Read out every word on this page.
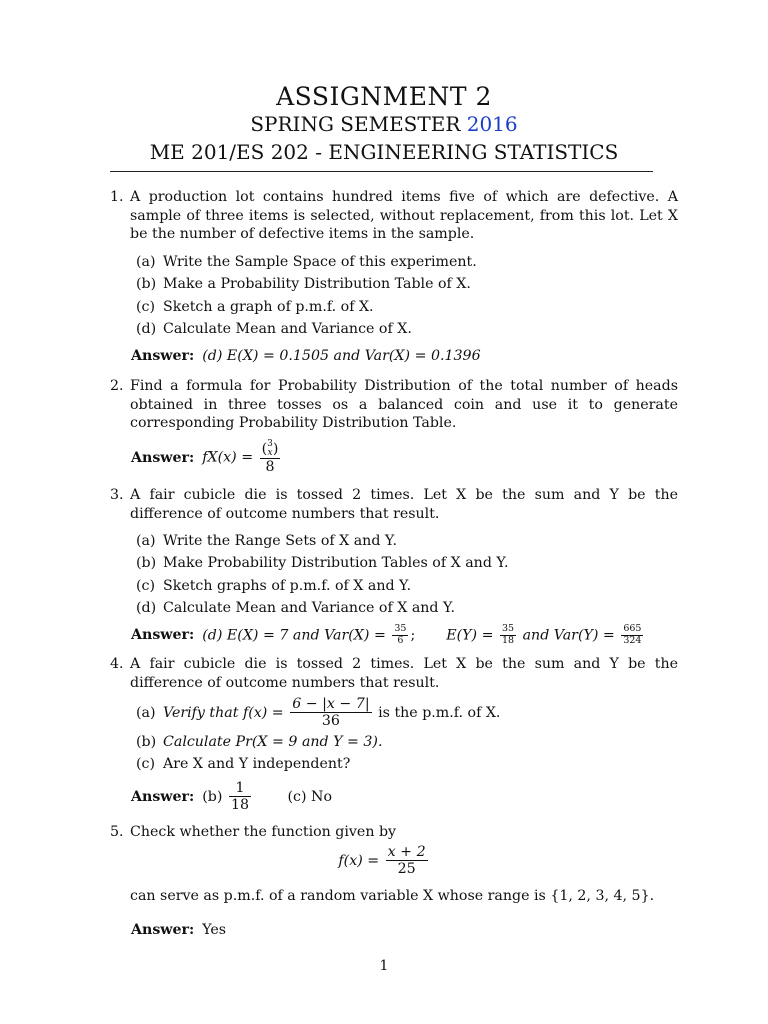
ASSIGNMENT 2
SPRING SEMESTER 2016
ME 201/ES 202 - ENGINEERING STATISTICS
1. A production lot contains hundred items five of which are defective. A sample of three items is selected, without replacement, from this lot. Let X be the number of defective items in the sample.
(a) Write the Sample Space of this experiment.
(b) Make a Probability Distribution Table of X.
(c) Sketch a graph of p.m.f. of X.
(d) Calculate Mean and Variance of X.
Answer: (d) E(X) = 0.1505 and Var(X) = 0.1396
2. Find a formula for Probability Distribution of the total number of heads obtained in three tosses os a balanced coin and use it to generate corresponding Probability Distribution Table.
Answer: fX(x) =
(3
x)
8
3. A fair cubicle die is tossed 2 times. Let X be the sum and Y be the difference of outcome numbers that result.
(a) Write the Range Sets of X and Y.
(b) Make Probability Distribution Tables of X and Y.
(c) Sketch graphs of p.m.f. of X and Y.
(d) Calculate Mean and Variance of X and Y.
Answer: (d) E(X) = 7 and $Var(X) = \frac{35}{6}$ ;  $E(Y) = \frac{35}{18}$ and $Var(Y) = \frac{665}{324}$
4. A fair cubicle die is tossed 2 times. Let X be the sum and Y be the difference of outcome numbers that result.
(a) Verify that $f(x) = \frac{6 - |x - 7|}{36}$ is the p.m.f. of X.
(b) Calculate Pr(X = 9 and Y = 3).
(c) Are X and Y independent?
Answer: $(b) \frac{1}{18}$	(c) No
5. Check whether the function given by
$f(x) = \frac{x + 2}{25}$
can serve as p.m.f. of a random variable X whose range is {1, 2, 3, 4, 5}.
Answer: Yes
1
